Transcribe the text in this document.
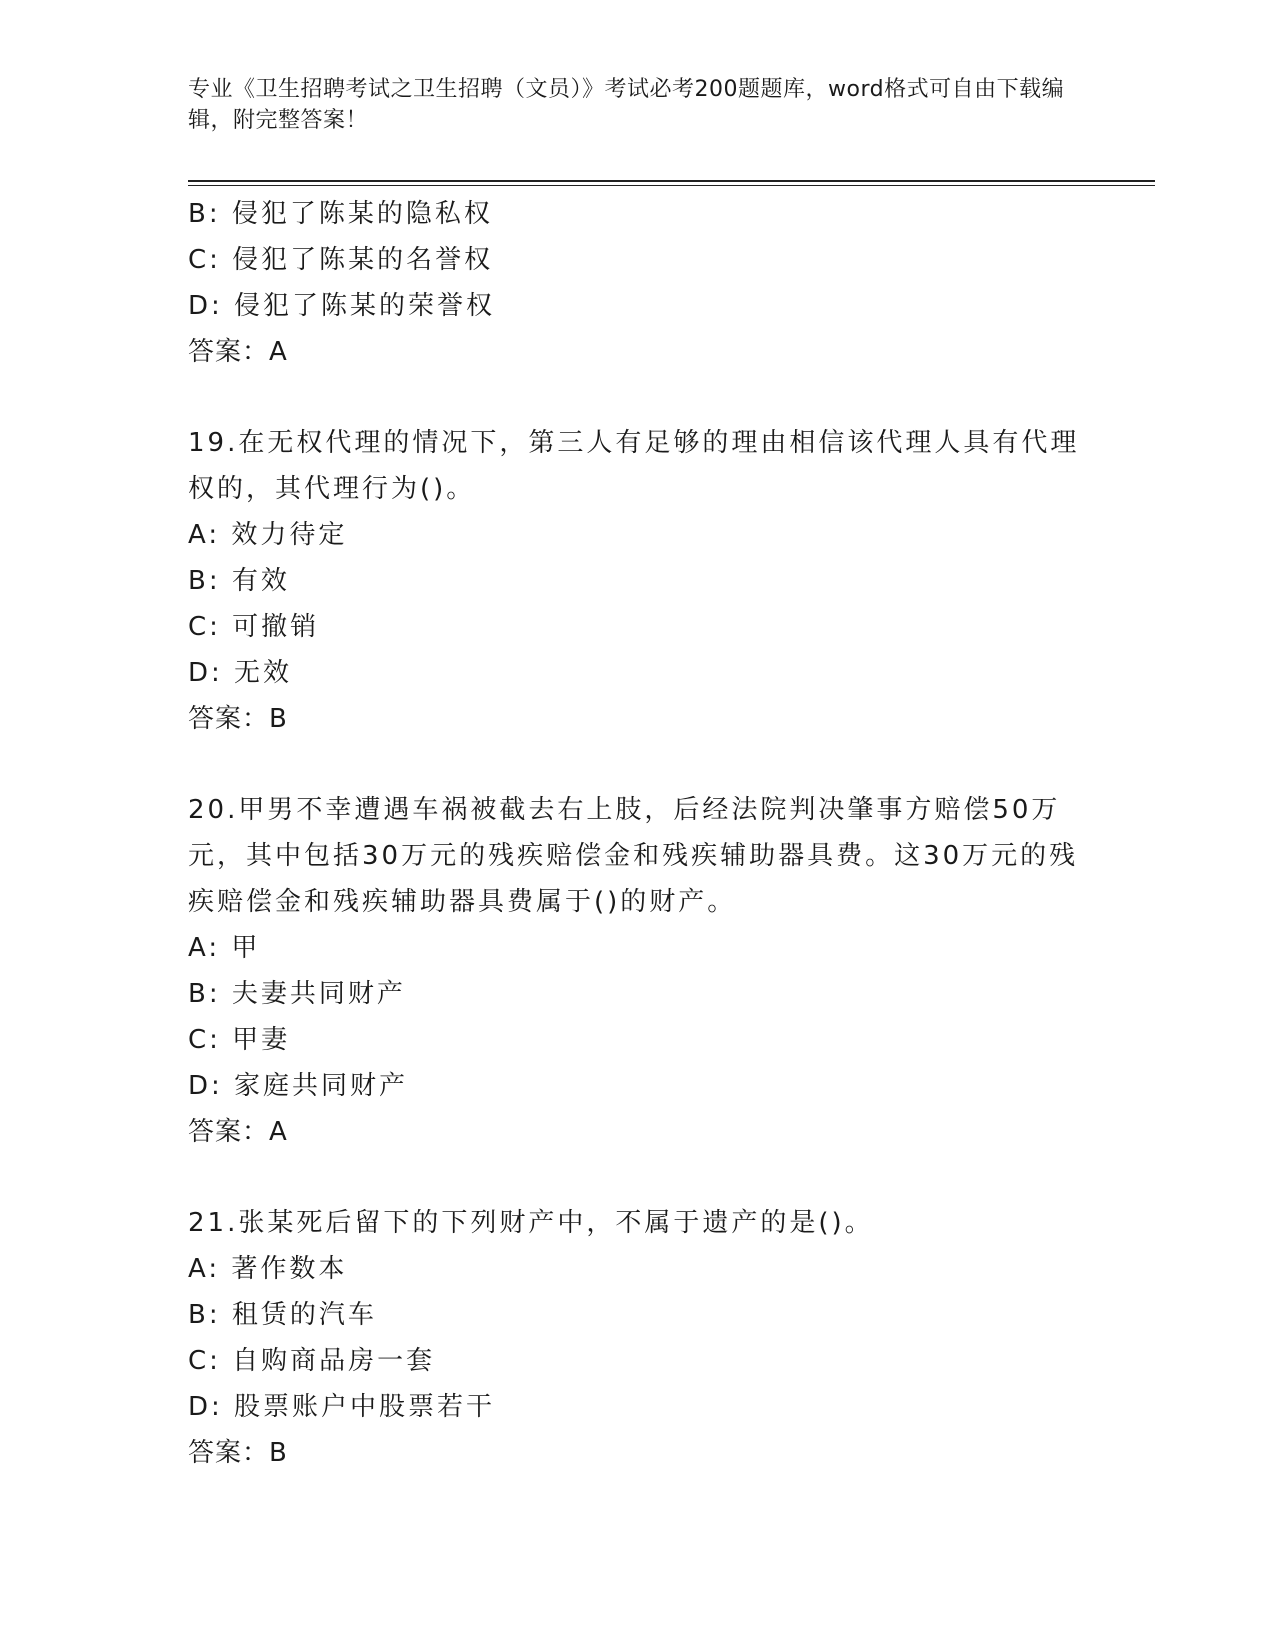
专业《卫生招聘考试之卫生招聘（文员）》考试必考200题题库，word格式可自由下载编辑，附完整答案！
B: 侵犯了陈某的隐私权
C: 侵犯了陈某的名誉权
D: 侵犯了陈某的荣誉权
答案：A
19.在无权代理的情况下，第三人有足够的理由相信该代理人具有代理权的，其代理行为()。
A: 效力待定
B: 有效
C: 可撤销
D: 无效
答案：B
20.甲男不幸遭遇车祸被截去右上肢，后经法院判决肇事方赔偿50万元，其中包括30万元的残疾赔偿金和残疾辅助器具费。这30万元的残疾赔偿金和残疾辅助器具费属于()的财产。
A: 甲
B: 夫妻共同财产
C: 甲妻
D: 家庭共同财产
答案：A
21.张某死后留下的下列财产中，不属于遗产的是()。
A: 著作数本
B: 租赁的汽车
C: 自购商品房一套
D: 股票账户中股票若干
答案：B
